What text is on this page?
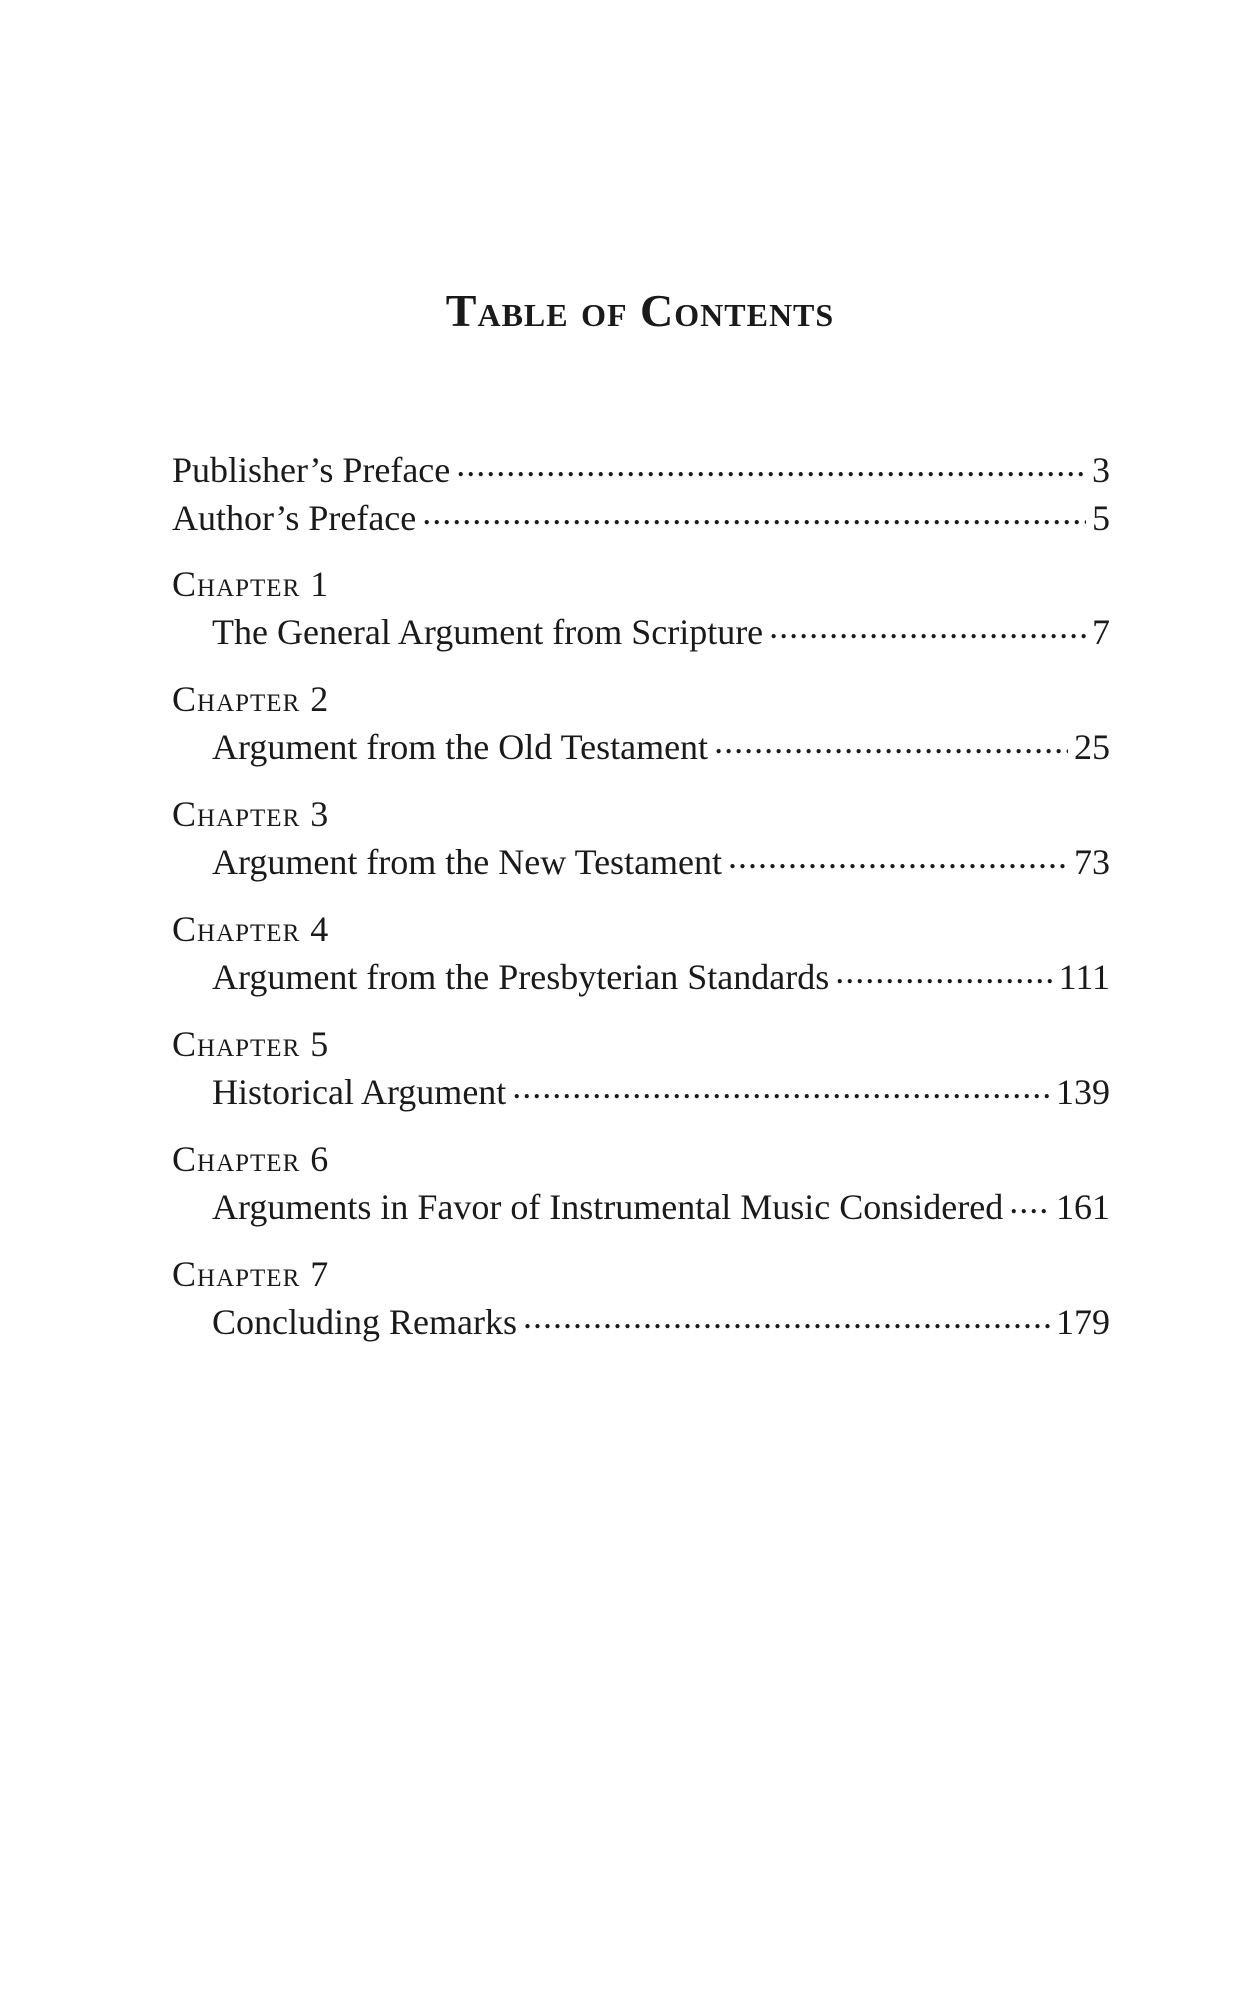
Table of Contents
Publisher’s Preface .....	3
Author’s Preface .....	5
Chapter 1
The General Argument from Scripture .....	7
Chapter 2
Argument from the Old Testament .....	25
Chapter 3
Argument from the New Testament .....	73
Chapter 4
Argument from the Presbyterian Standards .....	111
Chapter 5
Historical Argument .....	139
Chapter 6
Arguments in Favor of Instrumental Music Considered ..... 161
Chapter 7
Concluding Remarks .....	179
